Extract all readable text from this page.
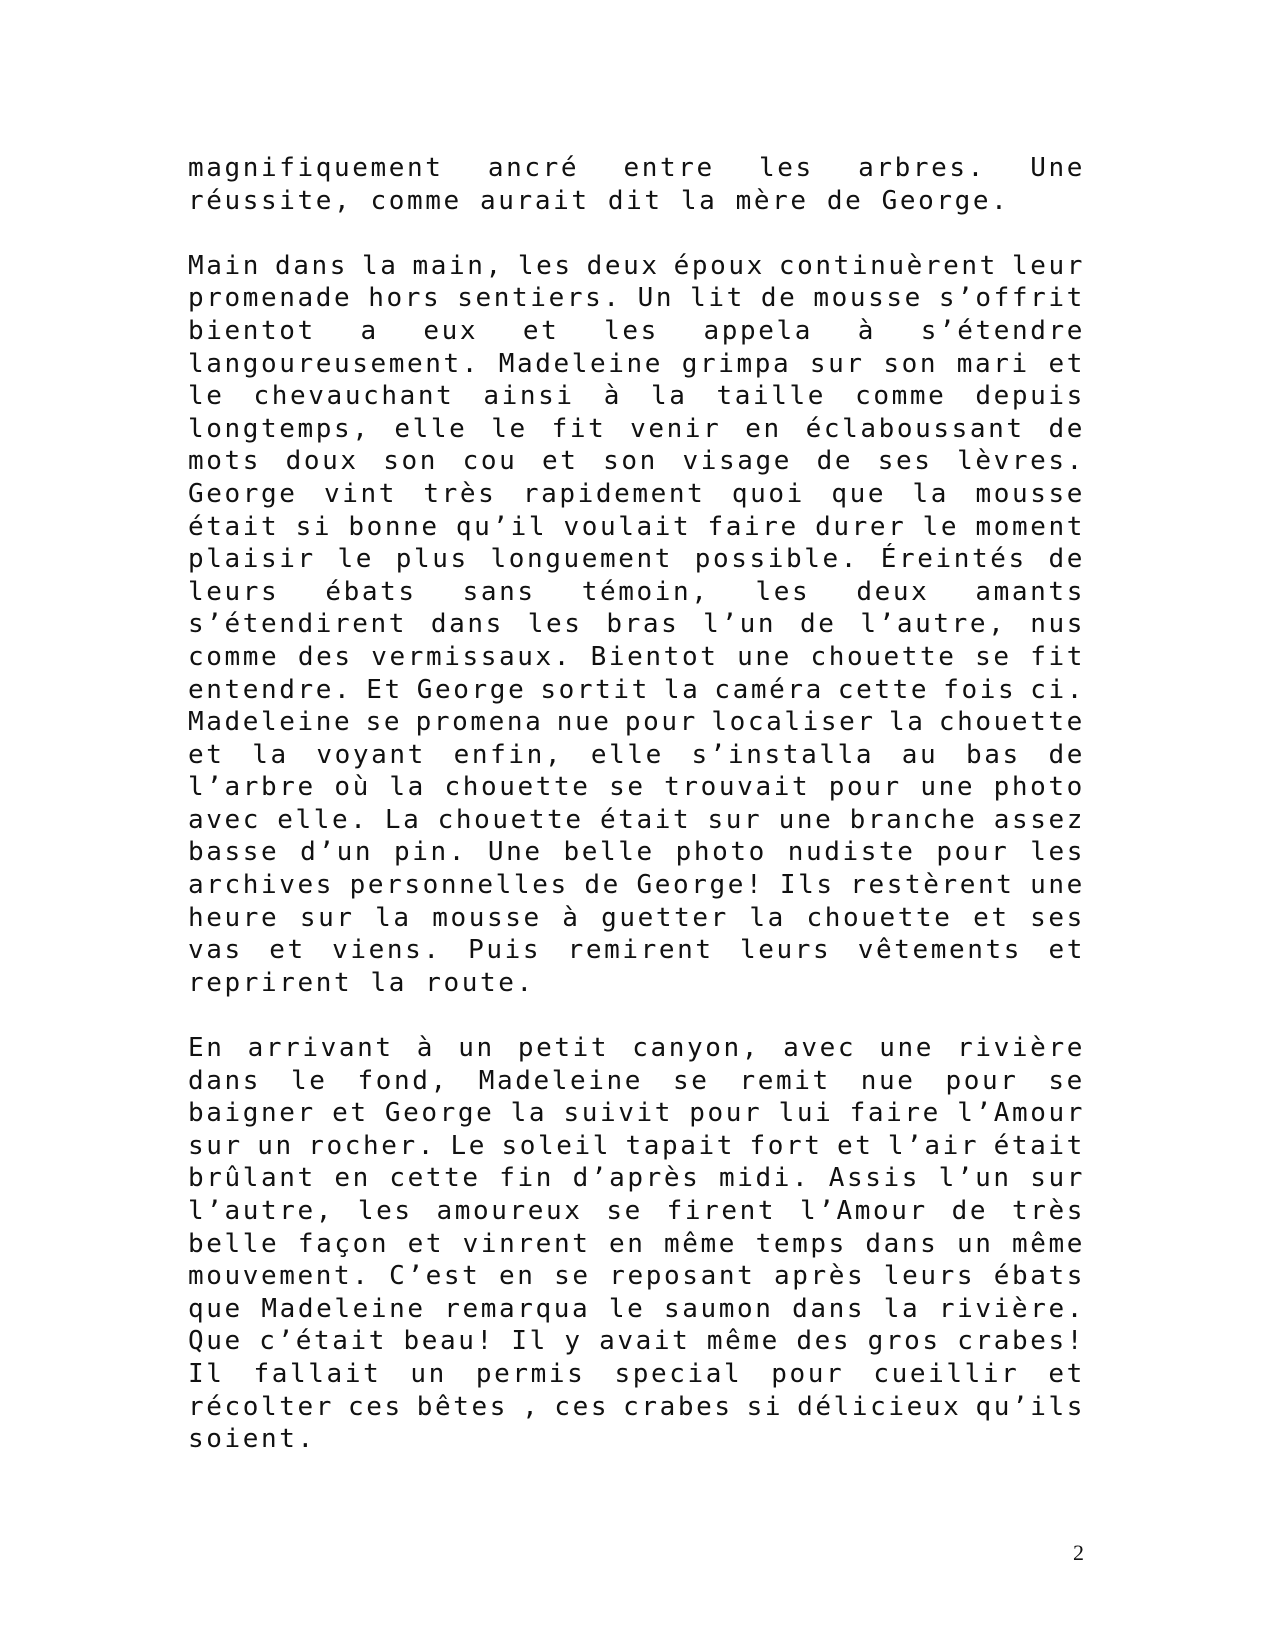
magnifiquement ancré entre les arbres. Une
réussite, comme aurait dit la mère de George.
Main dans la main, les deux époux continuèrent leur
promenade hors sentiers. Un lit de mousse s’offrit
bientot a eux et les appela à s’étendre
langoureusement. Madeleine grimpa sur son mari et
le chevauchant ainsi à la taille comme depuis
longtemps, elle le fit venir en éclaboussant de
mots doux son cou et son visage de ses lèvres.
George vint très rapidement quoi que la mousse
était si bonne qu’il voulait faire durer le moment
plaisir le plus longuement possible. Éreintés de
leurs ébats sans témoin, les deux amants
s’étendirent dans les bras l’un de l’autre, nus
comme des vermissaux. Bientot une chouette se fit
entendre. Et George sortit la caméra cette fois ci.
Madeleine se promena nue pour localiser la chouette
et la voyant enfin, elle s’installa au bas de
l’arbre où la chouette se trouvait pour une photo
avec elle. La chouette était sur une branche assez
basse d’un pin. Une belle photo nudiste pour les
archives personnelles de George! Ils restèrent une
heure sur la mousse à guetter la chouette et ses
vas et viens. Puis remirent leurs vêtements et
reprirent la route.
En arrivant à un petit canyon, avec une rivière
dans le fond, Madeleine se remit nue pour se
baigner et George la suivit pour lui faire l’Amour
sur un rocher. Le soleil tapait fort et l’air était
brûlant en cette fin d’après midi. Assis l’un sur
l’autre, les amoureux se firent l’Amour de très
belle façon et vinrent en même temps dans un même
mouvement. C’est en se reposant après leurs ébats
que Madeleine remarqua le saumon dans la rivière.
Que c’était beau! Il y avait même des gros crabes!
Il fallait un permis special pour cueillir et
récolter ces bêtes , ces crabes si délicieux qu’ils
soient.
2
